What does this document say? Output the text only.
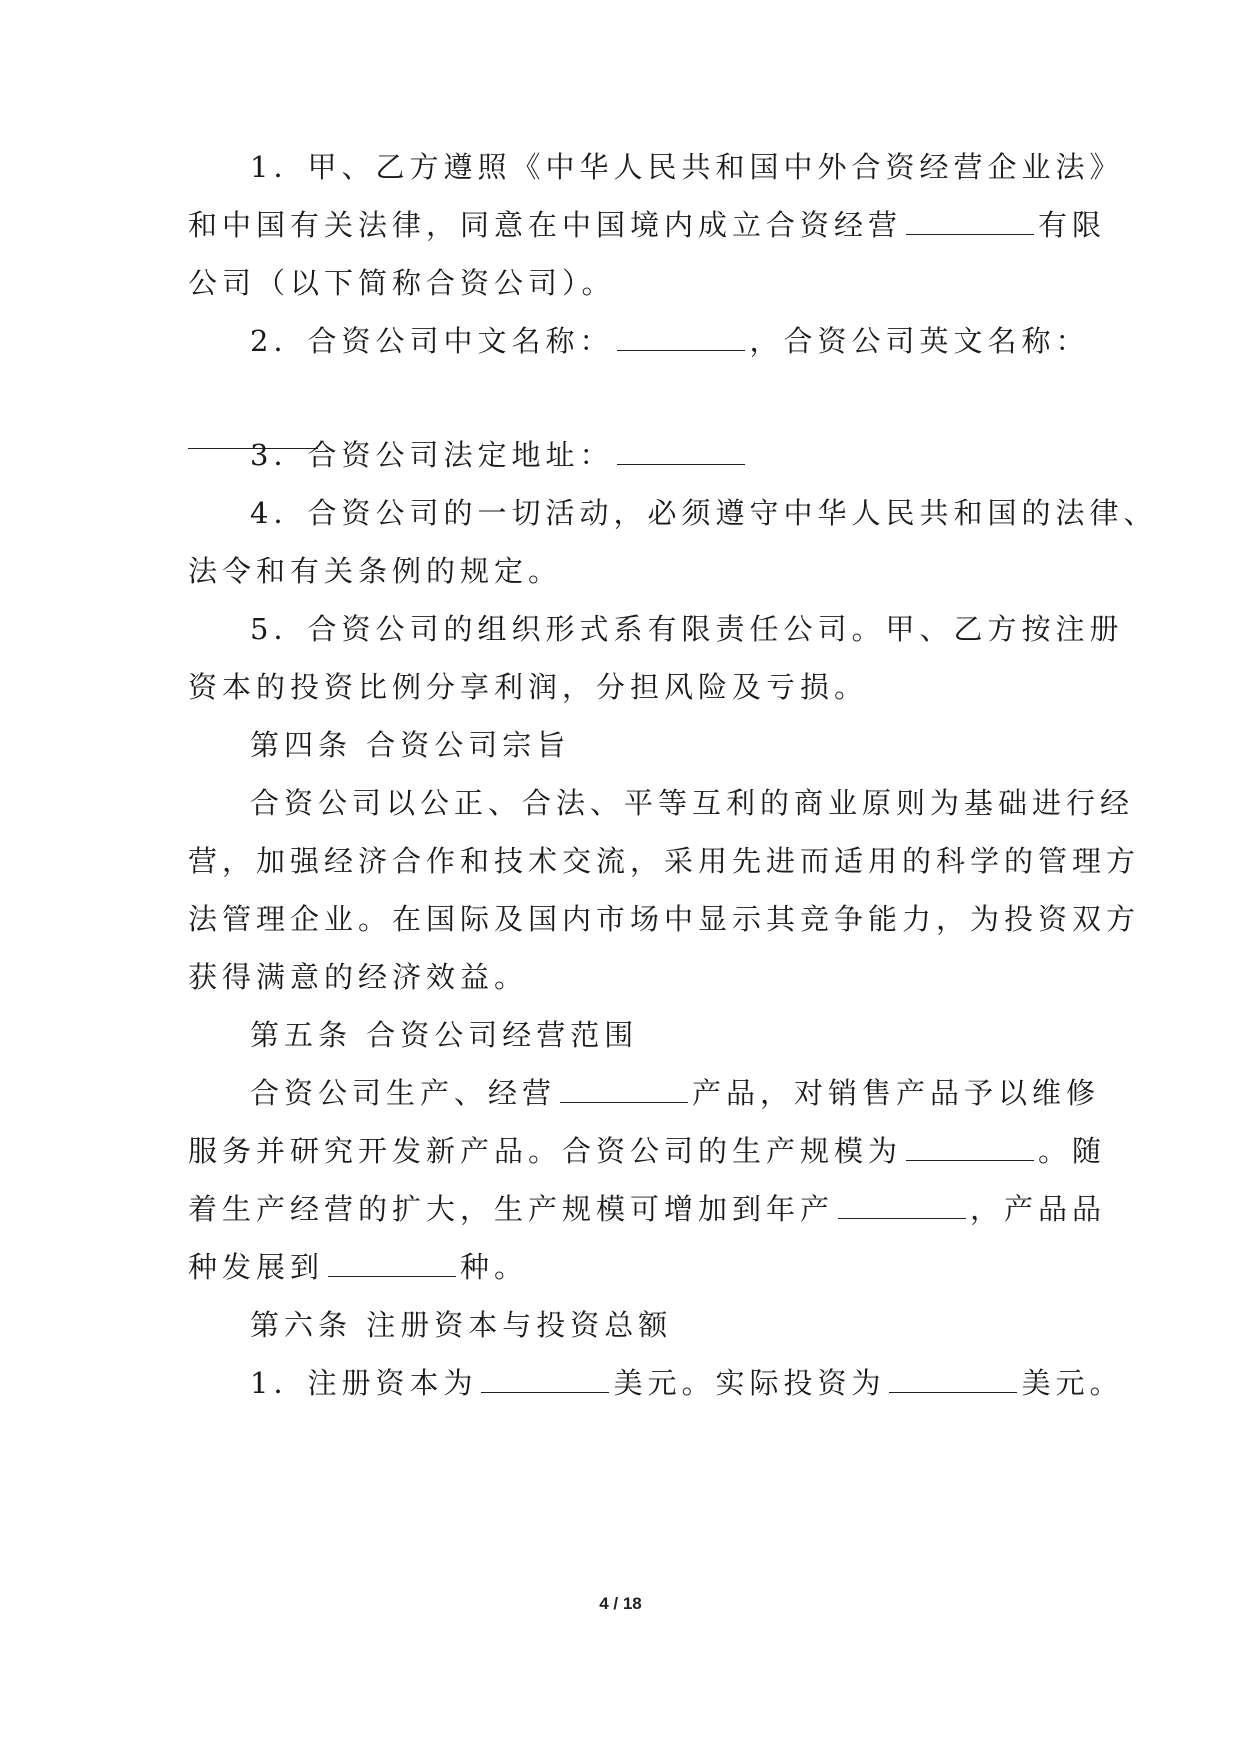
1．甲、乙方遵照《中华人民共和国中外合资经营企业法》
和中国有关法律，同意在中国境内成立合资经营	有限
公司（以下简称合资公司）。
2．合资公司中文名称：	，合资公司英文名称：
3．合资公司法定地址：
4．合资公司的一切活动，必须遵守中华人民共和国的法律、
法令和有关条例的规定。
5．合资公司的组织形式系有限责任公司。甲、乙方按注册
资本的投资比例分享利润，分担风险及亏损。
第四条 合资公司宗旨
合资公司以公正、合法、平等互利的商业原则为基础进行经
营，加强经济合作和技术交流，采用先进而适用的科学的管理方
法管理企业。在国际及国内市场中显示其竞争能力，为投资双方
获得满意的经济效益。
第五条 合资公司经营范围
合资公司生产、经营	产品，对销售产品予以维修
服务并研究开发新产品。合资公司的生产规模为	。随
着生产经营的扩大，生产规模可增加到年产	，产品品
种发展到	种。
第六条 注册资本与投资总额
1．注册资本为	美元。实际投资为	美元。
4 / 18
